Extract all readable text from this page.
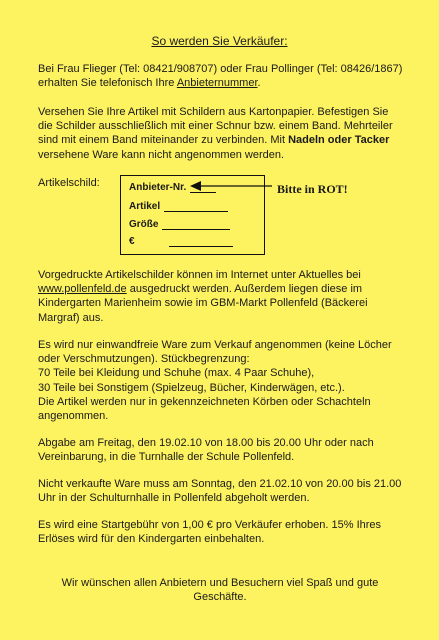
So werden Sie Verkäufer:

Bei Frau Flieger (Tel: 08421/908707) oder Frau Pollinger (Tel: 08426/1867) erhalten Sie telefonisch Ihre Anbieternummer.

Versehen Sie Ihre Artikel mit Schildern aus Kartonpapier. Befestigen Sie die Schilder ausschließlich mit einer Schnur bzw. einem Band. Mehrteiler sind mit einem Band miteinander zu verbinden. Mit Nadeln oder Tacker versehene Ware kann nicht angenommen werden.

Artikelschild:	Anbieter-Nr.
Artikel
Größe
€
Bitte in ROT!

Vorgedruckte Artikelschilder können im Internet unter Aktuelles bei www.pollenfeld.de ausgedruckt werden. Außerdem liegen diese im Kindergarten Marienheim sowie im GBM-Markt Pollenfeld (Bäckerei Margraf) aus.

Es wird nur einwandfreie Ware zum Verkauf angenommen (keine Löcher oder Verschmutzungen). Stückbegrenzung:
70 Teile bei Kleidung und Schuhe (max. 4 Paar Schuhe),
30 Teile bei Sonstigem (Spielzeug, Bücher, Kinderwägen, etc.).
Die Artikel werden nur in gekennzeichneten Körben oder Schachteln angenommen.

Abgabe am Freitag, den 19.02.10 von 18.00 bis 20.00 Uhr oder nach Vereinbarung, in die Turnhalle der Schule Pollenfeld.

Nicht verkaufte Ware muss am Sonntag, den 21.02.10 von 20.00 bis 21.00 Uhr in der Schulturnhalle in Pollenfeld abgeholt werden.

Es wird eine Startgebühr von 1,00 € pro Verkäufer erhoben. 15% Ihres Erlöses wird für den Kindergarten einbehalten.

Wir wünschen allen Anbietern und Besuchern viel Spaß und gute Geschäfte.
